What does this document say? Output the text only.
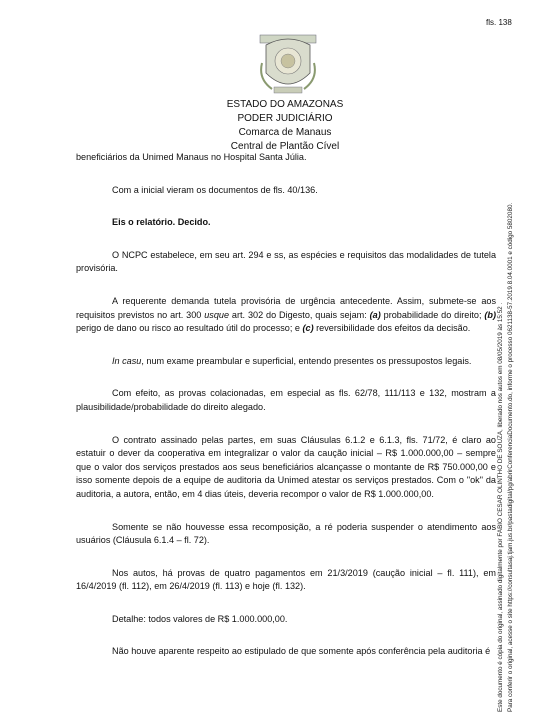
fls. 138
ESTADO DO AMAZONAS
PODER JUDICIÁRIO
Comarca de Manaus
Central de Plantão Cível

beneficiários da Unimed Manaus no Hospital Santa Júlia.

Com a inicial vieram os documentos de fls. 40/136.

Eis o relatório. Decido.

O NCPC estabelece, em seu art. 294 e ss, as espécies e requisitos das modalidades de tutela provisória.

A requerente demanda tutela provisória de urgência antecedente. Assim, submete-se aos requisitos previstos no art. 300 usque art. 302 do Digesto, quais sejam: (a) probabilidade do direito; (b) perigo de dano ou risco ao resultado útil do processo; e (c) reversibilidade dos efeitos da decisão.

In casu, num exame preambular e superficial, entendo presentes os pressupostos legais.

Com efeito, as provas colacionadas, em especial as fls. 62/78, 111/113 e 132, mostram a plausibilidade/probabilidade do direito alegado.

O contrato assinado pelas partes, em suas Cláusulas 6.1.2 e 6.1.3, fls. 71/72, é claro ao estatuir o dever da cooperativa em integralizar o valor da caução inicial – R$ 1.000.000,00 – sempre que o valor dos serviços prestados aos seus beneficiários alcançasse o montante de R$ 750.000,00 e isso somente depois de a equipe de auditoria da Unimed atestar os serviços prestados. Com o "ok" da auditoria, a autora, então, em 4 dias úteis, deveria recompor o valor de R$ 1.000.000,00.

Somente se não houvesse essa recomposição, a ré poderia suspender o atendimento aos usuários (Cláusula 6.1.4 – fl. 72).

Nos autos, há provas de quatro pagamentos em 21/3/2019 (caução inicial – fl. 111), em 16/4/2019 (fl. 112), em 26/4/2019 (fl. 113) e hoje (fl. 132).

Detalhe: todos valores de R$ 1.000.000,00.

Não houve aparente respeito ao estipulado de que somente após conferência pela auditoria é	Este documento é cópia do original, assinado digitalmente por FABIO CESAR OLINTHO DE SOUZA, liberado nos autos em 08/05/2019 às 15:52 . Para conferir o original, acesse o site https://consultasaj.tjam.jus.br/pastadigital/pg/abrirConferenciaDocumento.do, informe o processo 0621138-57.2019.8.04.0001 e código 5802080.
